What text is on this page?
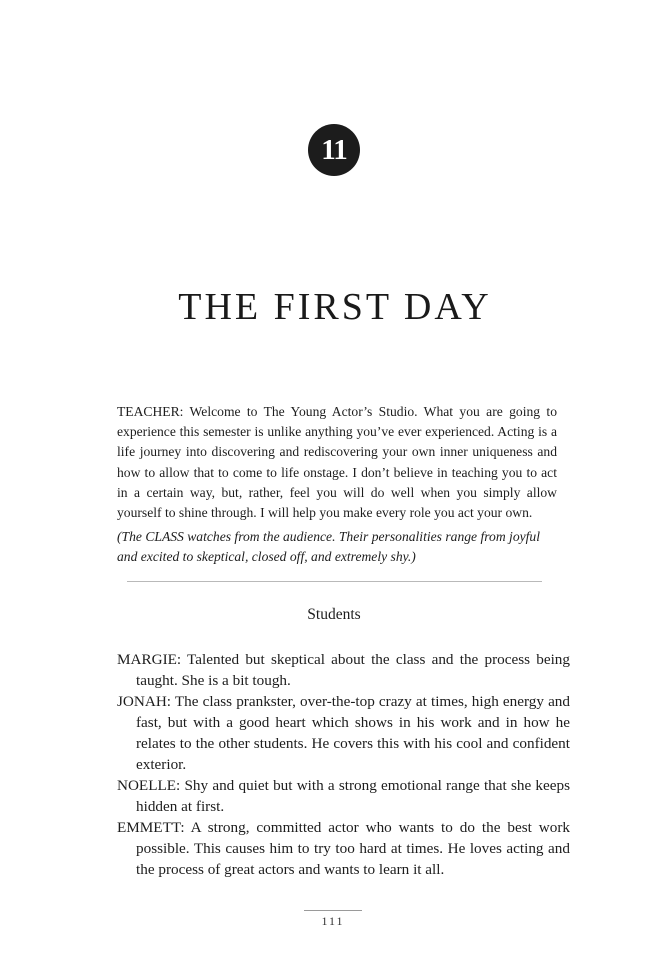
11
THE FIRST DAY

TEACHER: Welcome to The Young Actor’s Studio. What you are going to experience this semester is unlike anything you’ve ever experienced. Acting is a life journey into discovering and rediscovering your own inner uniqueness and how to allow that to come to life onstage. I don’t believe in teaching you to act in a certain way, but, rather, feel you will do well when you simply allow yourself to shine through. I will help you make every role you act your own.

(The CLASS watches from the audience. Their personalities range from joyful and excited to skeptical, closed off, and extremely shy.)

Students

MARGIE: Talented but skeptical about the class and the process being taught. She is a bit tough.

JONAH: The class prankster, over-the-top crazy at times, high energy and fast, but with a good heart which shows in his work and in how he relates to the other students. He covers this with his cool and confident exterior.

NOELLE: Shy and quiet but with a strong emotional range that she keeps hidden at first.

EMMETT: A strong, committed actor who wants to do the best work possible. This causes him to try too hard at times. He loves acting and the process of great actors and wants to learn it all.

111
